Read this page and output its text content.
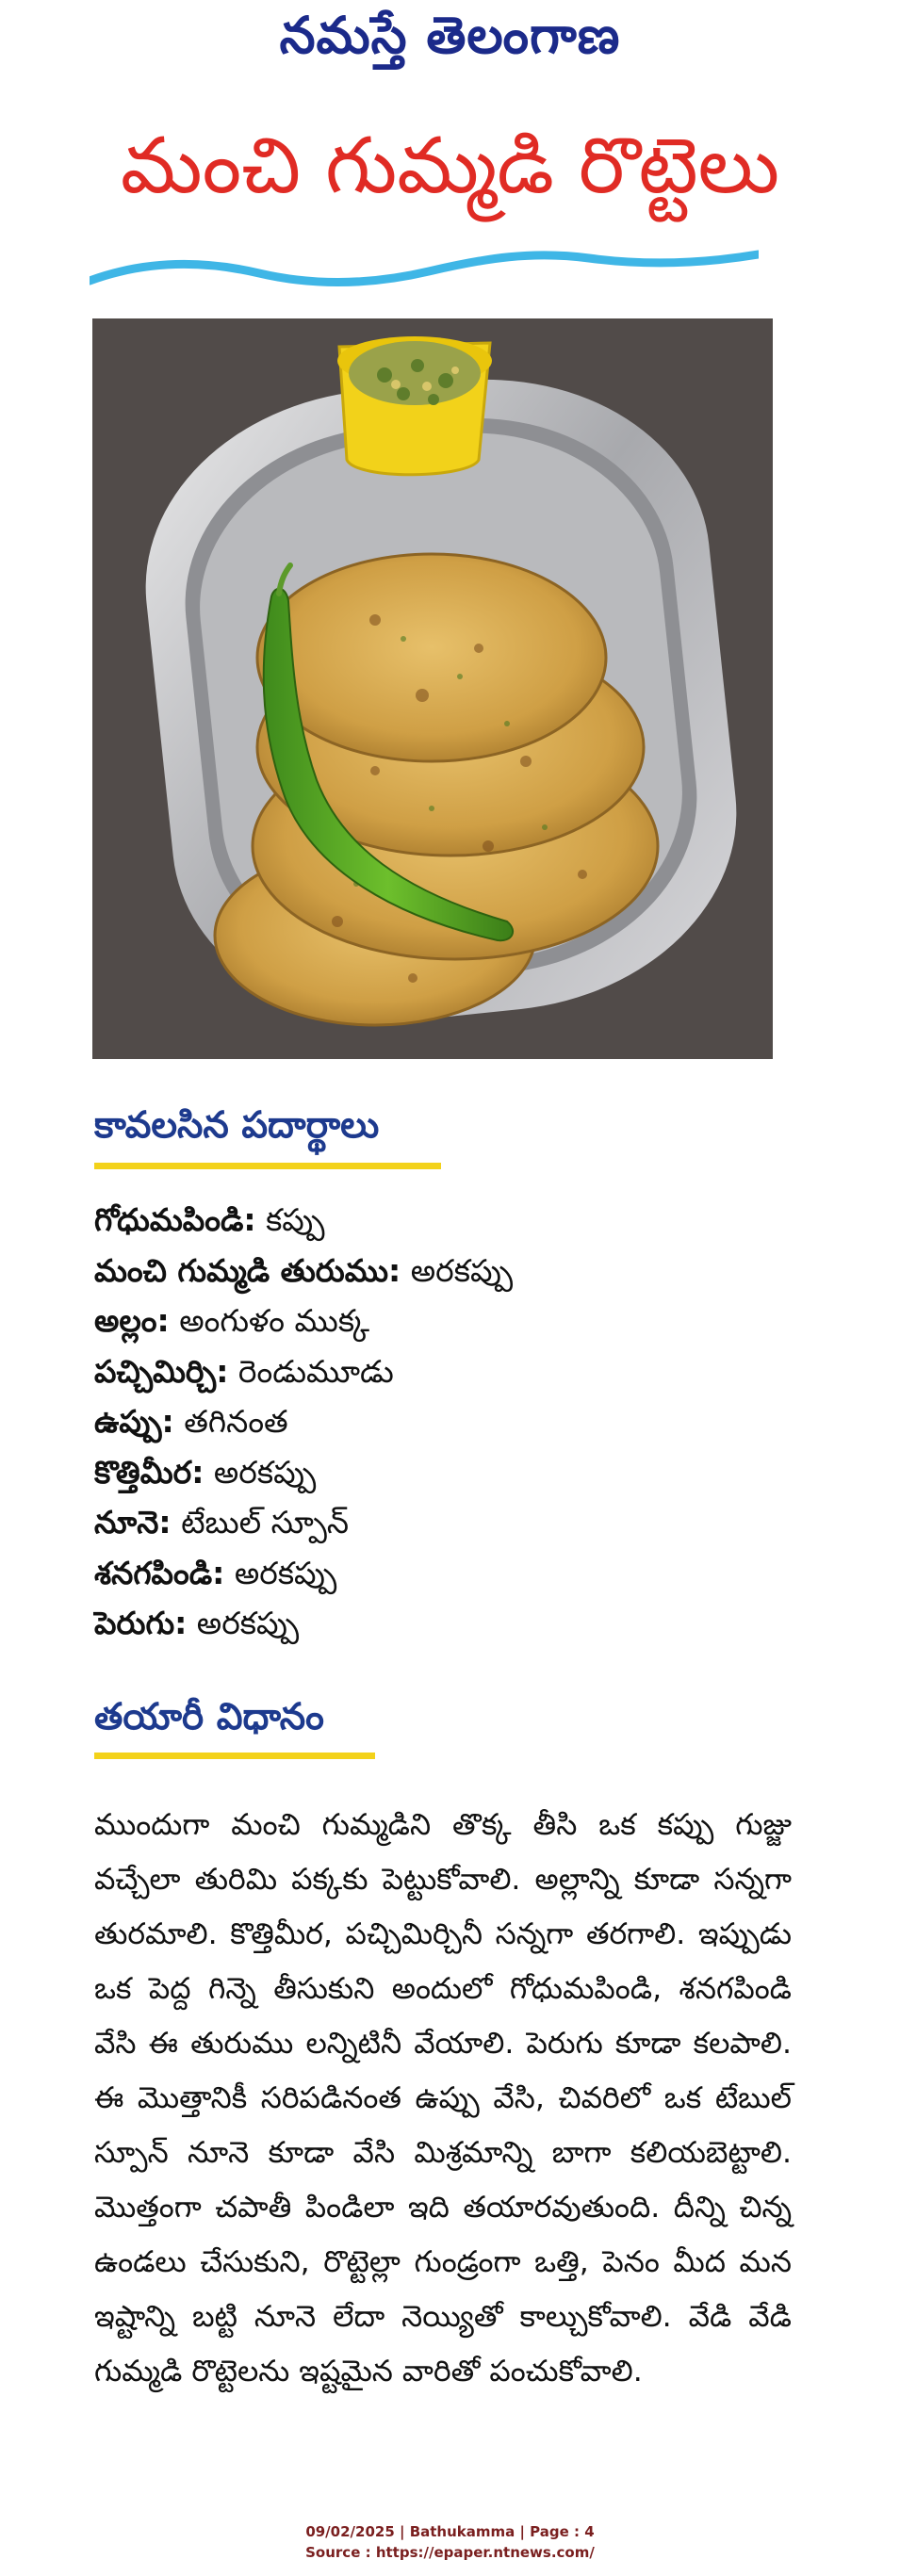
నమస్తే తెలంగాణ
మంచి గుమ్మడి రొట్టెలు
కావలసిన పదార్థాలు
గోధుమపిండి: కప్పు
మంచి గుమ్మడి తురుము: అరకప్పు
అల్లం: అంగుళం ముక్క
పచ్చిమిర్చి: రెండుమూడు
ఉప్పు: తగినంత
కొత్తిమీర: అరకప్పు
నూనె: టేబుల్ స్పూన్
శనగపిండి: అరకప్పు
పెరుగు: అరకప్పు
తయారీ విధానం

ముందుగా మంచి గుమ్మడిని తొక్క తీసి ఒక కప్పు గుజ్జు వచ్చేలా తురిమి పక్కకు పెట్టుకోవాలి. అల్లాన్ని కూడా సన్నగా తురమాలి. కొత్తిమీర, పచ్చిమిర్చినీ సన్నగా తరగాలి. ఇప్పుడు ఒక పెద్ద గిన్నె తీసుకుని అందులో గోధుమపిండి, శనగపిండి వేసి ఈ తురుము లన్నిటినీ వేయాలి. పెరుగు కూడా కలపాలి. ఈ మొత్తానికీ సరిపడినంత ఉప్పు వేసి, చివరిలో ఒక టేబుల్ స్పూన్ నూనె కూడా వేసి మిశ్రమాన్ని బాగా కలియబెట్టాలి. మొత్తంగా చపాతీ పిండిలా ఇది తయారవుతుంది. దీన్ని చిన్న ఉండలు చేసుకుని, రొట్టెల్లా గుండ్రంగా ఒత్తి, పెనం మీద మన ఇష్టాన్ని బట్టి నూనె లేదా నెయ్యితో కాల్చుకోవాలి. వేడి వేడి గుమ్మడి రొట్టెలను ఇష్టమైన వారితో పంచుకోవాలి.

09/02/2025 | Bathukamma | Page : 4
Source : https://epaper.ntnews.com/
